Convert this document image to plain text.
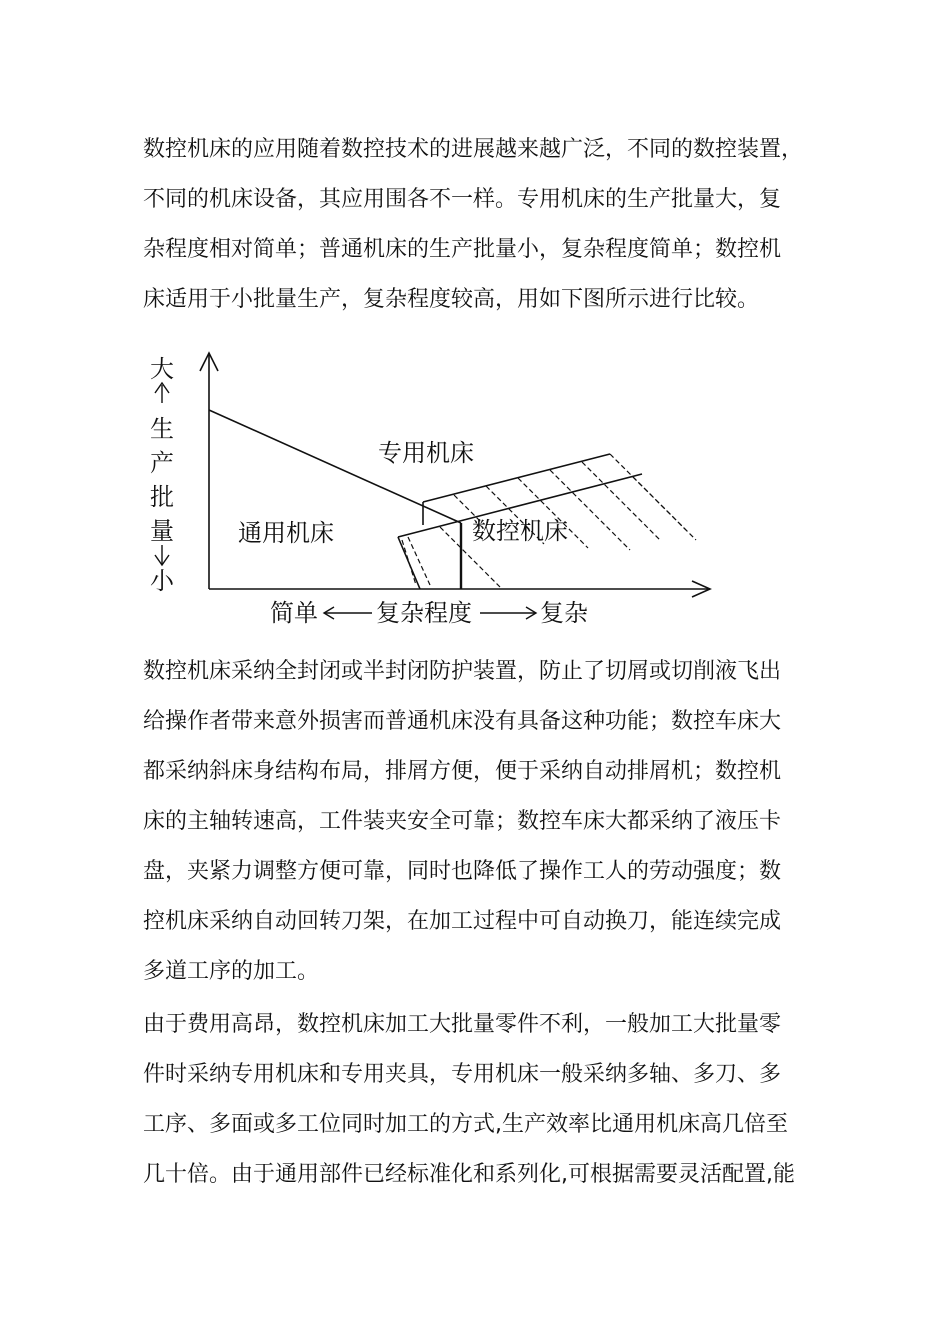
数控机床的应用随着数控技术的进展越来越广泛，不同的数控装置，
不同的机床设备，其应用围各不一样。专用机床的生产批量大，复
杂程度相对简单；普通机床的生产批量小，复杂程度简单；数控机
床适用于小批量生产，复杂程度较高，用如下图所示进行比较。
大
生
产
批
量
小
专用机床
通用机床	数控机床
简单 复杂程度	复杂
数控机床采纳全封闭或半封闭防护装置，防止了切屑或切削液飞出
给操作者带来意外损害而普通机床没有具备这种功能；数控车床大
都采纳斜床身结构布局，排屑方便，便于采纳自动排屑机；数控机
床的主轴转速高，工件装夹安全可靠；数控车床大都采纳了液压卡
盘，夹紧力调整方便可靠，同时也降低了操作工人的劳动强度；数
控机床采纳自动回转刀架，在加工过程中可自动换刀，能连续完成
多道工序的加工。
由于费用高昂，数控机床加工大批量零件不利，一般加工大批量零
件时采纳专用机床和专用夹具，专用机床一般采纳多轴、多刀、多
工序、多面或多工位同时加工的方式,生产效率比通用机床高几倍至
几十倍。由于通用部件已经标准化和系列化,可根据需要灵活配置,能
